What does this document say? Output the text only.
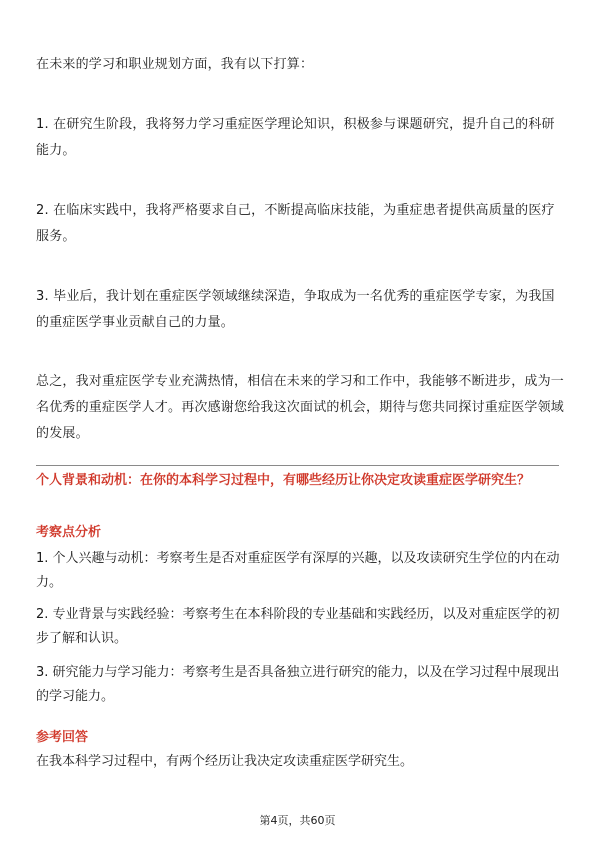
在未来的学习和职业规划方面，我有以下打算：

1. 在研究生阶段，我将努力学习重症医学理论知识，积极参与课题研究，提升自己的科研能力。

2. 在临床实践中，我将严格要求自己，不断提高临床技能，为重症患者提供高质量的医疗服务。

3. 毕业后，我计划在重症医学领域继续深造，争取成为一名优秀的重症医学专家，为我国的重症医学事业贡献自己的力量。

总之，我对重症医学专业充满热情，相信在未来的学习和工作中，我能够不断进步，成为一名优秀的重症医学人才。再次感谢您给我这次面试的机会，期待与您共同探讨重症医学领域的发展。

个人背景和动机：在你的本科学习过程中，有哪些经历让你决定攻读重症医学研究生？

考察点分析

1. 个人兴趣与动机：考察考生是否对重症医学有深厚的兴趣，以及攻读研究生学位的内在动力。

2. 专业背景与实践经验：考察考生在本科阶段的专业基础和实践经历，以及对重症医学的初步了解和认识。

3. 研究能力与学习能力：考察考生是否具备独立进行研究的能力，以及在学习过程中展现出的学习能力。

参考回答

在我本科学习过程中，有两个经历让我决定攻读重症医学研究生。

第4页，共60页
